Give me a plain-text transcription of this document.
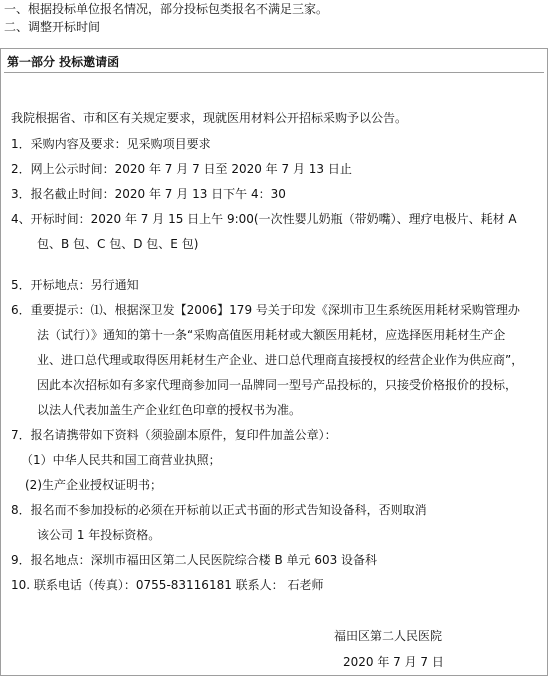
一、根据投标单位报名情况，部分投标包类报名不满足三家。
二、调整开标时间
第一部分 投标邀请函
我院根据省、市和区有关规定要求，现就医用材料公开招标采购予以公告。
1．采购内容及要求：见采购项目要求
2．网上公示时间：2020 年 7 月 7 日至 2020 年 7 月 13 日止
3．报名截止时间：2020 年 7 月 13 日下午 4：30
4、开标时间：2020 年 7 月 15 日上午 9:00(一次性婴儿奶瓶（带奶嘴）、理疗电极片、耗材 A
包、B 包、C 包、D 包、E 包)
5．开标地点：另行通知
6．重要提示：⑴、根据深卫发【2006】179 号关于印发《深圳市卫生系统医用耗材采购管理办
法（试行）》通知的第十一条“采购高值医用耗材或大额医用耗材，应选择医用耗材生产企
业、进口总代理或取得医用耗材生产企业、进口总代理商直接授权的经营企业作为供应商”，
因此本次招标如有多家代理商参加同一品牌同一型号产品投标的，只接受价格报价的投标，
以法人代表加盖生产企业红色印章的授权书为准。
7．报名请携带如下资料（须验副本原件，复印件加盖公章）：
（1）中华人民共和国工商营业执照；
(2)生产企业授权证明书；
8．报名而不参加投标的必须在开标前以正式书面的形式告知设备科，否则取消
该公司 1 年投标资格。
9．报名地点：深圳市福田区第二人民医院综合楼 B 单元 603 设备科
10. 联系电话（传真）：0755-83116181 联系人： 石老师
福田区第二人民医院
2020 年 7 月 7 日
